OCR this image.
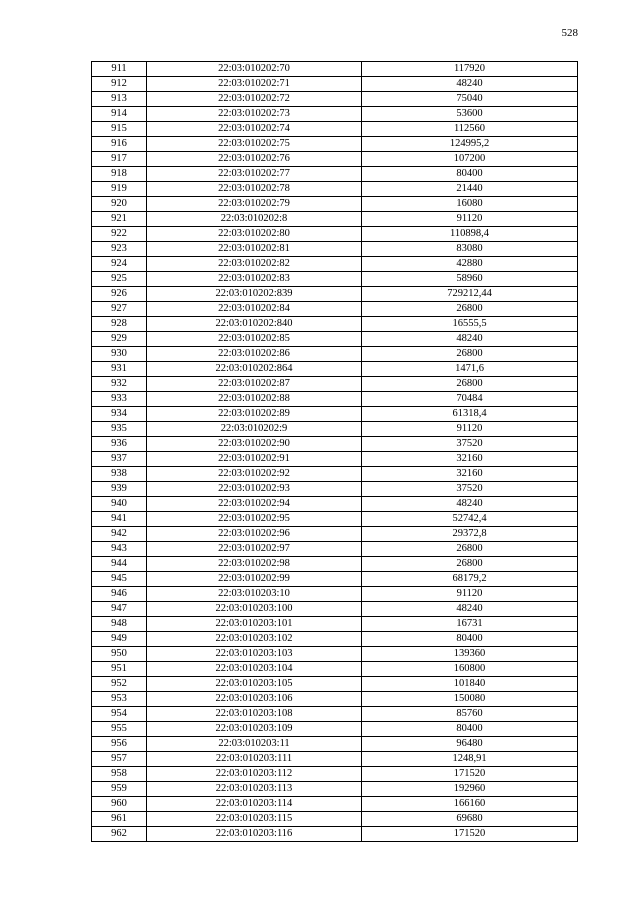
528
911	22:03:010202:70	117920
912	22:03:010202:71	48240
913	22:03:010202:72	75040
914	22:03:010202:73	53600
915	22:03:010202:74	112560
916	22:03:010202:75	124995,2
917	22:03:010202:76	107200
918	22:03:010202:77	80400
919	22:03:010202:78	21440
920	22:03:010202:79	16080
921	22:03:010202:8	91120
922	22:03:010202:80	110898,4
923	22:03:010202:81	83080
924	22:03:010202:82	42880
925	22:03:010202:83	58960
926	22:03:010202:839	729212,44
927	22:03:010202:84	26800
928	22:03:010202:840	16555,5
929	22:03:010202:85	48240
930	22:03:010202:86	26800
931	22:03:010202:864	1471,6
932	22:03:010202:87	26800
933	22:03:010202:88	70484
934	22:03:010202:89	61318,4
935	22:03:010202:9	91120
936	22:03:010202:90	37520
937	22:03:010202:91	32160
938	22:03:010202:92	32160
939	22:03:010202:93	37520
940	22:03:010202:94	48240
941	22:03:010202:95	52742,4
942	22:03:010202:96	29372,8
943	22:03:010202:97	26800
944	22:03:010202:98	26800
945	22:03:010202:99	68179,2
946	22:03:010203:10	91120
947	22:03:010203:100	48240
948	22:03:010203:101	16731
949	22:03:010203:102	80400
950	22:03:010203:103	139360
951	22:03:010203:104	160800
952	22:03:010203:105	101840
953	22:03:010203:106	150080
954	22:03:010203:108	85760
955	22:03:010203:109	80400
956	22:03:010203:11	96480
957	22:03:010203:111	1248,91
958	22:03:010203:112	171520
959	22:03:010203:113	192960
960	22:03:010203:114	166160
961	22:03:010203:115	69680
962	22:03:010203:116	171520
